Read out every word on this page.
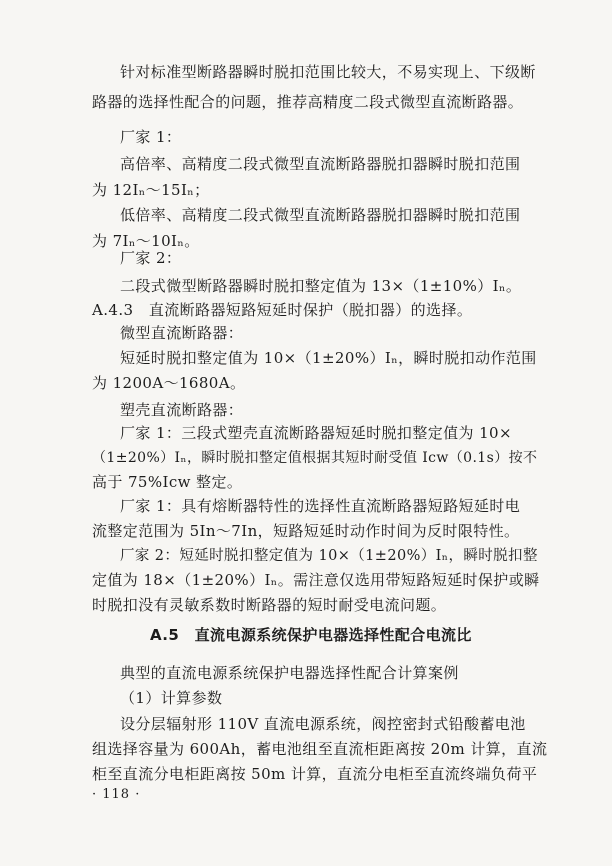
针对标准型断路器瞬时脱扣范围比较大，不易实现上、下级断
路器的选择性配合的问题，推荐高精度二段式微型直流断路器。
厂家 1：
高倍率、高精度二段式微型直流断路器脱扣器瞬时脱扣范围
为 12Iₙ～15Iₙ；
低倍率、高精度二段式微型直流断路器脱扣器瞬时脱扣范围
为 7Iₙ～10Iₙ。
厂家 2：
二段式微型断路器瞬时脱扣整定值为 13×（1±10%）Iₙ。
A.4.3　直流断路器短路短延时保护（脱扣器）的选择。
微型直流断路器：
短延时脱扣整定值为 10×（1±20%）Iₙ，瞬时脱扣动作范围
为 1200A～1680A。
塑壳直流断路器：
厂家 1：三段式塑壳直流断路器短延时脱扣整定值为 10×
（1±20%）Iₙ，瞬时脱扣整定值根据其短时耐受值 Icw（0.1s）按不
高于 75%Icw 整定。
厂家 1：具有熔断器特性的选择性直流断路器短路短延时电
流整定范围为 5In～7In，短路短延时动作时间为反时限特性。
厂家 2：短延时脱扣整定值为 10×（1±20%）Iₙ，瞬时脱扣整
定值为 18×（1±20%）Iₙ。需注意仅选用带短路短延时保护或瞬
时脱扣没有灵敏系数时断路器的短时耐受电流问题。
A.5　直流电源系统保护电器选择性配合电流比
典型的直流电源系统保护电器选择性配合计算案例
（1）计算参数
设分层辐射形 110V 直流电源系统，阀控密封式铅酸蓄电池
组选择容量为 600Ah，蓄电池组至直流柜距离按 20m 计算，直流
柜至直流分电柜距离按 50m 计算，直流分电柜至直流终端负荷平
· 118 ·
